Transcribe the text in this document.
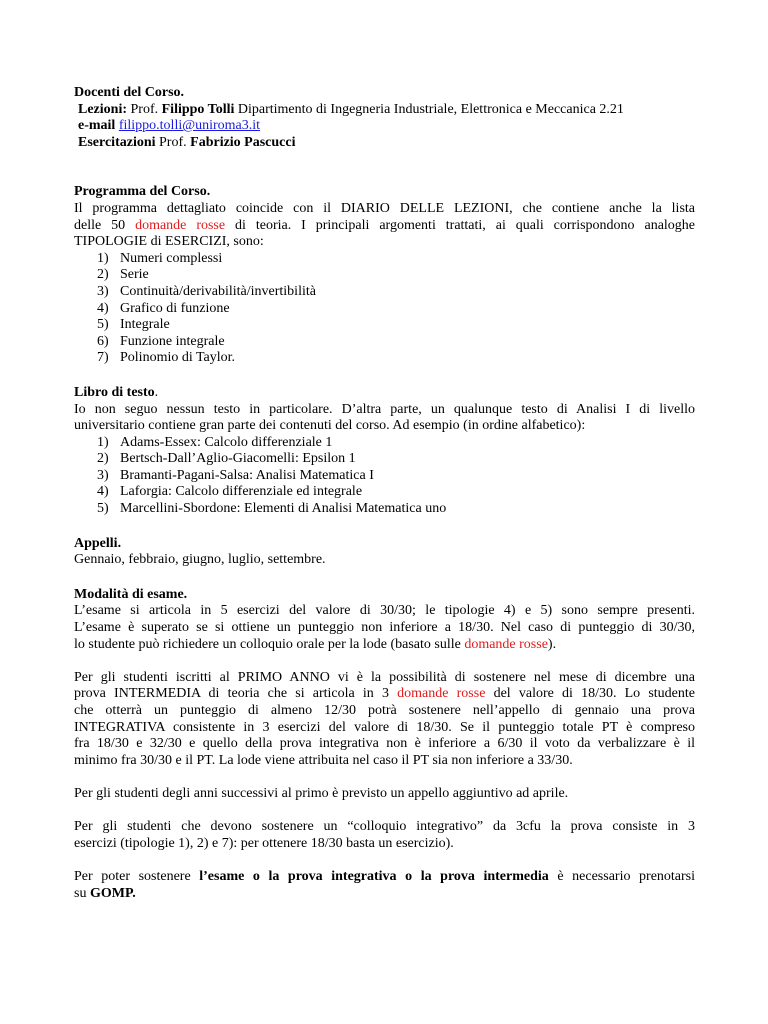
Docenti del Corso.
Lezioni: Prof. Filippo Tolli Dipartimento di Ingegneria Industriale, Elettronica e Meccanica 2.21
e-mail filippo.tolli@uniroma3.it
Esercitazioni Prof. Fabrizio Pascucci
Programma del Corso.
Il programma dettagliato coincide con il DIARIO DELLE LEZIONI, che contiene anche la lista
delle 50 domande rosse di teoria. I principali argomenti trattati, ai quali corrispondono analoghe
TIPOLOGIE di ESERCIZI, sono:
1) Numeri complessi
2) Serie
3) Continuità/derivabilità/invertibilità
4) Grafico di funzione
5) Integrale
6) Funzione integrale
7) Polinomio di Taylor.
Libro di testo.
Io non seguo nessun testo in particolare. D’altra parte, un qualunque testo di Analisi I di livello
universitario contiene gran parte dei contenuti del corso. Ad esempio (in ordine alfabetico):
1) Adams-Essex: Calcolo differenziale 1
2) Bertsch-Dall’Aglio-Giacomelli: Epsilon 1
3) Bramanti-Pagani-Salsa: Analisi Matematica I
4) Laforgia: Calcolo differenziale ed integrale
5) Marcellini-Sbordone: Elementi di Analisi Matematica uno
Appelli.
Gennaio, febbraio, giugno, luglio, settembre.
Modalità di esame.
L’esame si articola in 5 esercizi del valore di 30/30; le tipologie 4) e 5) sono sempre presenti.
L’esame è superato se si ottiene un punteggio non inferiore a 18/30. Nel caso di punteggio di 30/30,
lo studente può richiedere un colloquio orale per la lode (basato sulle domande rosse).
Per gli studenti iscritti al PRIMO ANNO vi è la possibilità di sostenere nel mese di dicembre una
prova INTERMEDIA di teoria che si articola in 3 domande rosse del valore di 18/30. Lo studente
che otterrà un punteggio di almeno 12/30 potrà sostenere nell’appello di gennaio una prova
INTEGRATIVA consistente in 3 esercizi del valore di 18/30. Se il punteggio totale PT è compreso
fra 18/30 e 32/30 e quello della prova integrativa non è inferiore a 6/30 il voto da verbalizzare è il
minimo fra 30/30 e il PT. La lode viene attribuita nel caso il PT sia non inferiore a 33/30.
Per gli studenti degli anni successivi al primo è previsto un appello aggiuntivo ad aprile.
Per gli studenti che devono sostenere un “colloquio integrativo” da 3cfu la prova consiste in 3
esercizi (tipologie 1), 2) e 7): per ottenere 18/30 basta un esercizio).
Per poter sostenere l’esame o la prova integrativa o la prova intermedia è necessario prenotarsi
su GOMP.
